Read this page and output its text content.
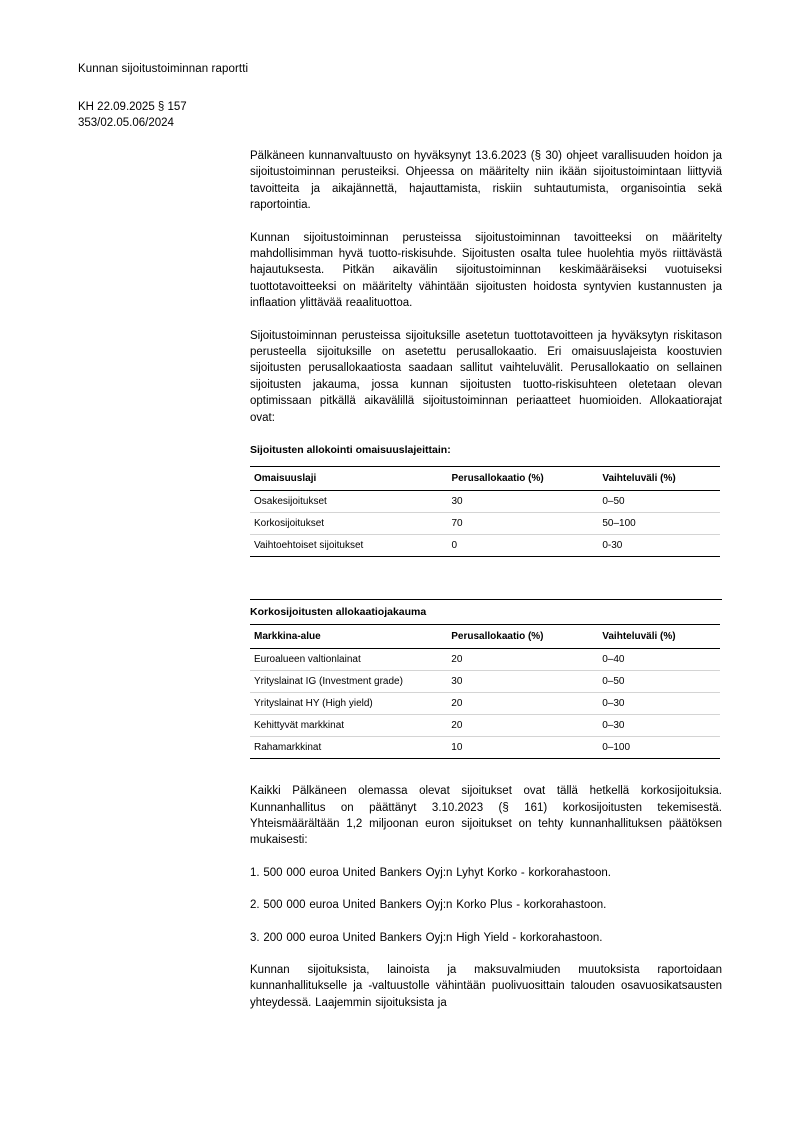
Kunnan sijoitustoiminnan raportti
KH 22.09.2025 § 157
353/02.05.06/2024

Pälkäneen kunnanvaltuusto on hyväksynyt 13.6.2023 (§ 30) ohjeet varallisuuden hoidon ja sijoitustoiminnan perusteiksi. Ohjeessa on määritelty niin ikään sijoitustoimintaan liittyviä tavoitteita ja aikajännettä, hajauttamista, riskiin suhtautumista, organisointia sekä raportointia.

Kunnan sijoitustoiminnan perusteissa sijoitustoiminnan tavoitteeksi on määritelty mahdollisimman hyvä tuotto-riskisuhde. Sijoitusten osalta tulee huolehtia myös riittävästä hajautuksesta. Pitkän aikavälin sijoitustoiminnan keskimääräiseksi vuotuiseksi tuottotavoitteeksi on määritelty vähintään sijoitusten hoidosta syntyvien kustannusten ja inflaation ylittävää reaalituottoa.

Sijoitustoiminnan perusteissa sijoituksille asetetun tuottotavoitteen ja hyväksytyn riskitason perusteella sijoituksille on asetettu perusallokaatio. Eri omaisuuslajeista koostuvien sijoitusten perusallokaatiosta saadaan sallitut vaihteluvälit. Perusallokaatio on sellainen sijoitusten jakauma, jossa kunnan sijoitusten tuotto-riskisuhteen oletetaan olevan optimissaan pitkällä aikavälillä sijoitustoiminnan periaatteet huomioiden. Allokaatiorajat ovat:

Sijoitusten allokointi omaisuuslajeittain:
Omaisuuslaji	Perusallokaatio (%)	Vaihteluväli (%)
Osakesijoitukset	30	0–50
Korkosijoitukset	70	50–100
Vaihtoehtoiset sijoitukset	0	0-30
Korkosijoitusten allokaatiojakauma
Markkina-alue	Perusallokaatio (%)	Vaihteluväli (%)
Euroalueen valtionlainat	20	0–40
Yrityslainat IG (Investment grade)	30	0–50
Yrityslainat HY (High yield)	20	0–30
Kehittyvät markkinat	20	0–30
Rahamarkkinat	10	0–100

Kaikki Pälkäneen olemassa olevat sijoitukset ovat tällä hetkellä korkosijoituksia. Kunnanhallitus on päättänyt 3.10.2023 (§ 161) korkosijoitusten tekemisestä. Yhteismäärältään 1,2 miljoonan euron sijoitukset on tehty kunnanhallituksen päätöksen mukaisesti:

1. 500 000 euroa United Bankers Oyj:n Lyhyt Korko - korkorahastoon.

2. 500 000 euroa United Bankers Oyj:n Korko Plus - korkorahastoon.

3. 200 000 euroa United Bankers Oyj:n High Yield - korkorahastoon.

Kunnan sijoituksista, lainoista ja maksuvalmiuden muutoksista raportoidaan kunnanhallitukselle ja -valtuustolle vähintään puolivuosittain talouden osavuosikatsausten yhteydessä. Laajemmin sijoituksista ja
